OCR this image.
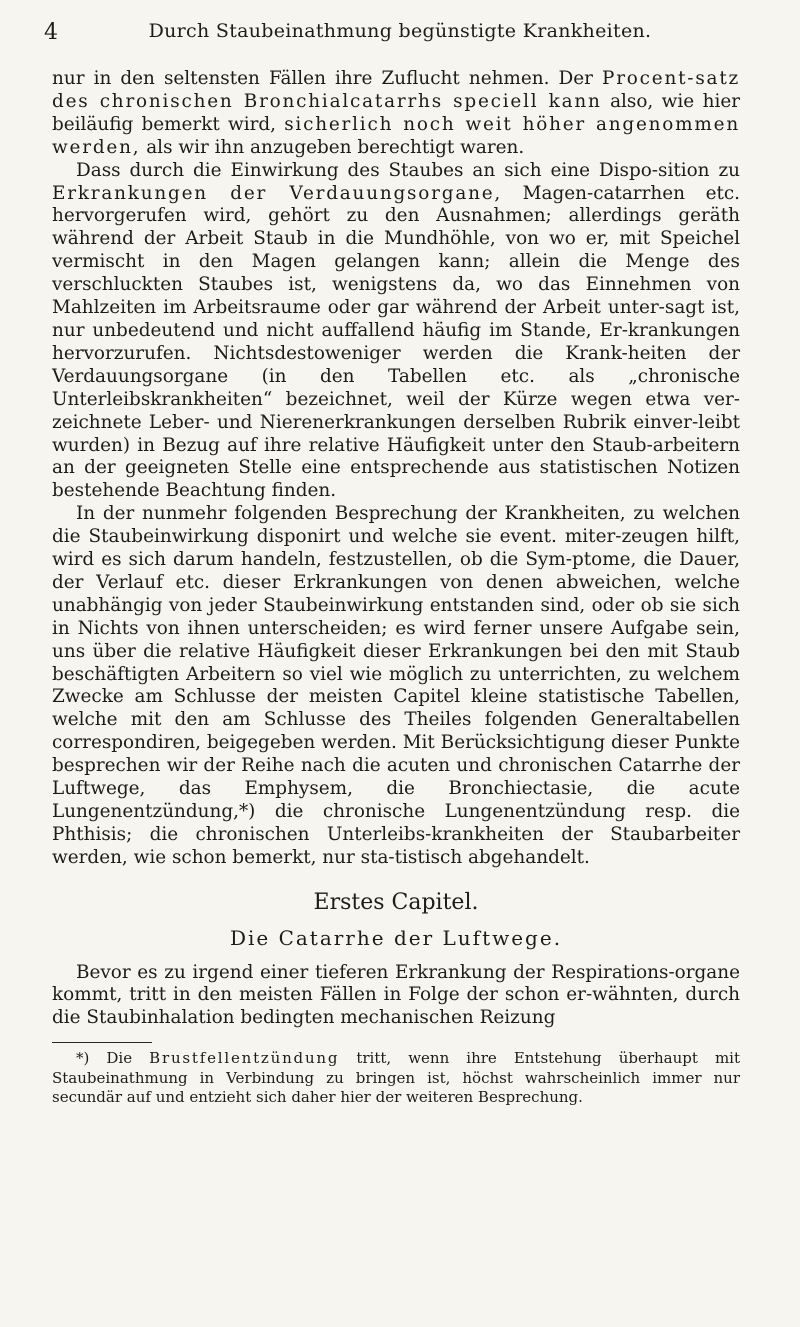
4	Durch Staubeinathmung begünstigte Krankheiten.

nur in den seltensten Fällen ihre Zuflucht nehmen. Der Procent-satz des chronischen Bronchialcatarrhs speciell kann also, wie hier beiläufig bemerkt wird, sicherlich noch weit höher angenommen werden, als wir ihn anzugeben berechtigt waren.

Dass durch die Einwirkung des Staubes an sich eine Dispo-sition zu Erkrankungen der Verdauungsorgane, Magen-catarrhen etc. hervorgerufen wird, gehört zu den Ausnahmen; allerdings geräth während der Arbeit Staub in die Mundhöhle, von wo er, mit Speichel vermischt in den Magen gelangen kann; allein die Menge des verschluckten Staubes ist, wenigstens da, wo das Einnehmen von Mahlzeiten im Arbeitsraume oder gar während der Arbeit unter-sagt ist, nur unbedeutend und nicht auffallend häufig im Stande, Er-krankungen hervorzurufen. Nichtsdestoweniger werden die Krank-heiten der Verdauungsorgane (in den Tabellen etc. als „chronische Unterleibskrankheiten“ bezeichnet, weil der Kürze wegen etwa ver-zeichnete Leber- und Nierenerkrankungen derselben Rubrik einver-leibt wurden) in Bezug auf ihre relative Häufigkeit unter den Staub-arbeitern an der geeigneten Stelle eine entsprechende aus statistischen Notizen bestehende Beachtung finden.

In der nunmehr folgenden Besprechung der Krankheiten, zu welchen die Staubeinwirkung disponirt und welche sie event. miter-zeugen hilft, wird es sich darum handeln, festzustellen, ob die Sym-ptome, die Dauer, der Verlauf etc. dieser Erkrankungen von denen abweichen, welche unabhängig von jeder Staubeinwirkung entstanden sind, oder ob sie sich in Nichts von ihnen unterscheiden; es wird ferner unsere Aufgabe sein, uns über die relative Häufigkeit dieser Erkrankungen bei den mit Staub beschäftigten Arbeitern so viel wie möglich zu unterrichten, zu welchem Zwecke am Schlusse der meisten Capitel kleine statistische Tabellen, welche mit den am Schlusse des Theiles folgenden Generaltabellen correspondiren, beigegeben werden. Mit Berücksichtigung dieser Punkte besprechen wir der Reihe nach die acuten und chronischen Catarrhe der Luftwege, das Emphysem, die Bronchiectasie, die acute Lungenentzündung,*) die chronische Lungenentzündung resp. die Phthisis; die chronischen Unterleibs-krankheiten der Staubarbeiter werden, wie schon bemerkt, nur sta-tistisch abgehandelt.

Erstes Capitel.
Die Catarrhe der Luftwege.

Bevor es zu irgend einer tieferen Erkrankung der Respirations-organe kommt, tritt in den meisten Fällen in Folge der schon er-wähnten, durch die Staubinhalation bedingten mechanischen Reizung

*) Die Brustfellentzündung tritt, wenn ihre Entstehung überhaupt mit Staubeinathmung in Verbindung zu bringen ist, höchst wahrscheinlich immer nur secundär auf und entzieht sich daher hier der weiteren Besprechung.
